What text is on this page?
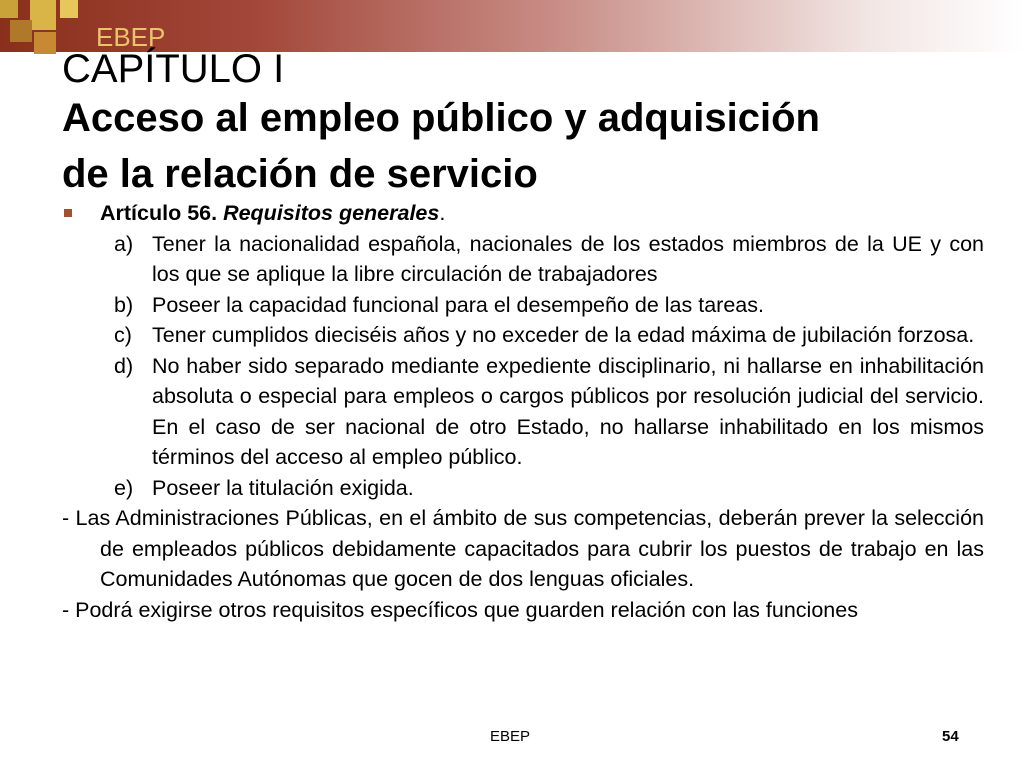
EBEP
CAPÍTULO I
Acceso al empleo público y adquisición
de la relación de servicio
Artículo 56. Requisitos generales.
a) Tener la nacionalidad española, nacionales de los estados miembros de la UE y con los que se aplique la libre circulación de trabajadores
b) Poseer la capacidad funcional para el desempeño de las tareas.
c) Tener cumplidos dieciséis años y no exceder de la edad máxima de jubilación forzosa.
d) No haber sido separado mediante expediente disciplinario, ni hallarse en inhabilitación absoluta o especial para empleos o cargos públicos por resolución judicial del servicio. En el caso de ser nacional de otro Estado, no hallarse inhabilitado en los mismos términos del acceso al empleo público.
e) Poseer la titulación exigida.
- Las Administraciones Públicas, en el ámbito de sus competencias, deberán prever la selección de empleados públicos debidamente capacitados para cubrir los puestos de trabajo en las Comunidades Autónomas que gocen de dos lenguas oficiales.
- Podrá exigirse otros requisitos específicos que guarden relación con las funciones
EBEP	54
